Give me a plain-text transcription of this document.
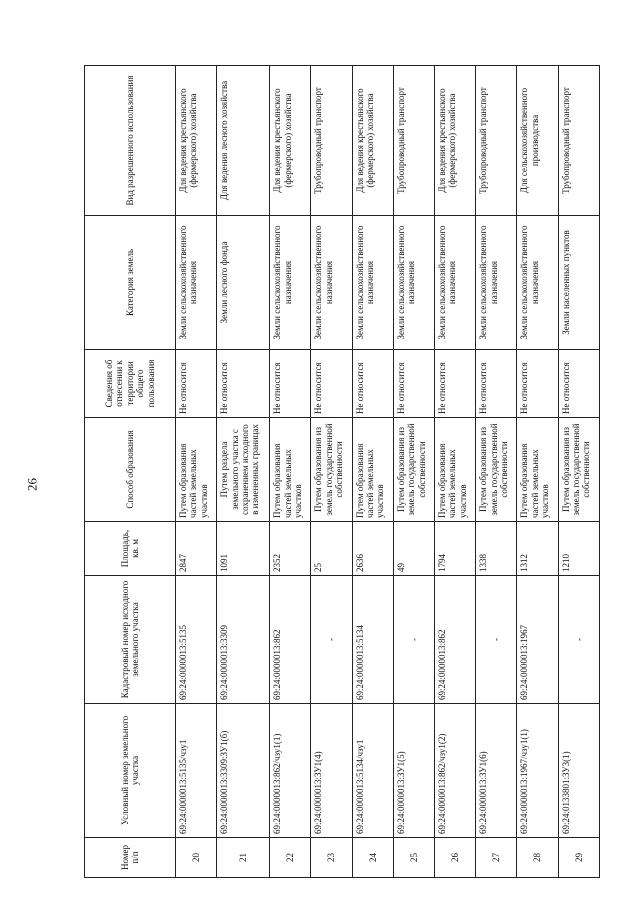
26
Номер п/п	Условный номер земельного участка	Кадастровый номер исходного земельного участка	Площадь, кв. м	Способ образования	Сведения об отнесении к территории общего пользования	Категория земель	Вид разрешенного использования
20	69:24:0000013:5135/чзу1	69:24:0000013:5135	2847	Путем образования частей земельных участков	Не относится	Земли сельскохозяйственного назначения	Для ведения крестьянского (фермерского) хозяйства
21	69:24:0000013:3309:ЗУ1(б)	69:24:0000013:3309	1091	Путем раздела земельного участка с сохранением исходного в измененных границах	Не относится	Земли лесного фонда	Для ведения лесного хозяйства
22	69:24:0000013:862/чзу1(1)	69:24:0000013:862	2352	Путем образования частей земельных участков	Не относится	Земли сельскохозяйственного назначения	Для ведения крестьянского (фермерского) хозяйства
23	69:24:0000013:ЗУ1(4)	-	25	Путем образования из земель государственной собственности	Не относится	Земли сельскохозяйственного назначения	Трубопроводный транспорт
24	69:24:0000013:5134/чзу1	69:24:0000013:5134	2636	Путем образования частей земельных участков	Не относится	Земли сельскохозяйственного назначения	Для ведения крестьянского (фермерского) хозяйства
25	69:24:0000013:ЗУ1(5)	-	49	Путем образования из земель государственной собственности	Не относится	Земли сельскохозяйственного назначения	Трубопроводный транспорт
26	69:24:0000013:862/чзу1(2)	69:24:0000013:862	1794	Путем образования частей земельных участков	Не относится	Земли сельскохозяйственного назначения	Для ведения крестьянского (фермерского) хозяйства
27	69:24:0000013:ЗУ1(6)	-	1338	Путем образования из земель государственной собственности	Не относится	Земли сельскохозяйственного назначения	Трубопроводный транспорт
28	69:24:0000013:1967/чзу1(1)	69:24:0000013:1967	1312	Путем образования частей земельных участков	Не относится	Земли сельскохозяйственного назначения	Для сельскохозяйственного производства
29	69:24:0133801:ЗУ3(1)	-	1210	Путем образования из земель государственной собственности	Не относится	Земли населенных пунктов	Трубопроводный транспорт
